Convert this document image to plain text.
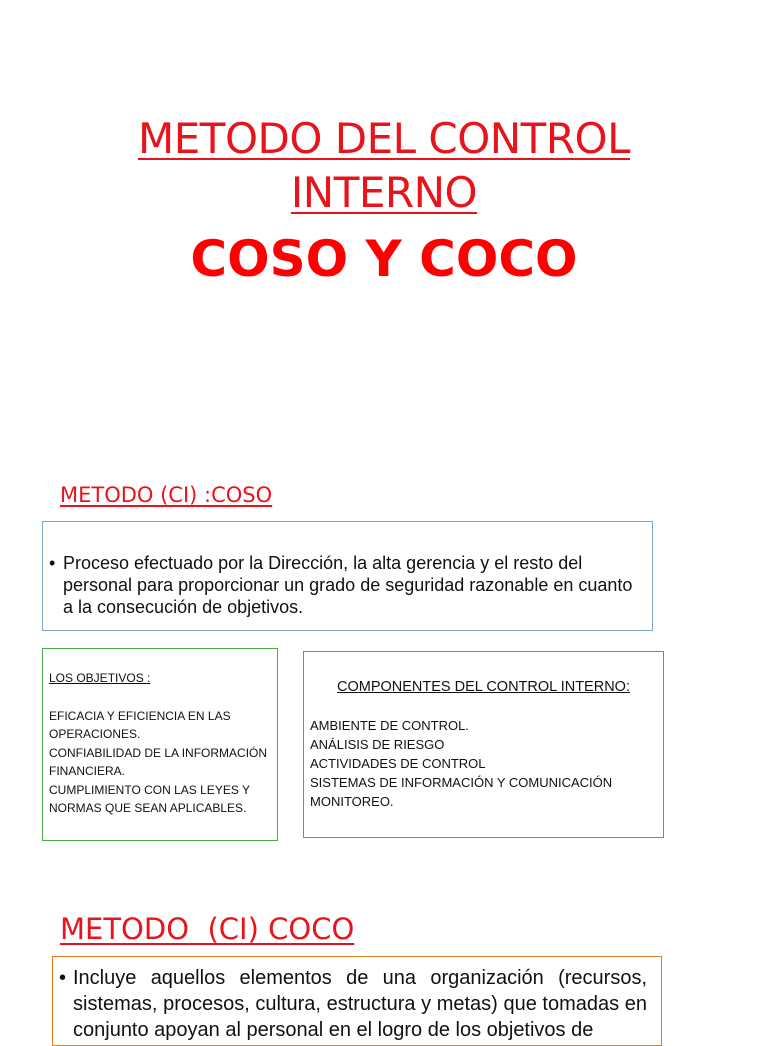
METODO DEL CONTROL
INTERNO
COSO Y COCO
METODO (CI) :COSO
• Proceso efectuado por la Dirección, la alta gerencia y el resto del personal para proporcionar un grado de seguridad razonable en cuanto a la consecución de objetivos.
LOS OBJETIVOS :
EFICACIA Y EFICIENCIA EN LAS OPERACIONES.
CONFIABILIDAD DE LA INFORMACIÓN FINANCIERA.
CUMPLIMIENTO CON LAS LEYES Y NORMAS QUE SEAN APLICABLES.
COMPONENTES DEL CONTROL INTERNO:
AMBIENTE DE CONTROL.
ANÁLISIS DE RIESGO
ACTIVIDADES DE CONTROL
SISTEMAS DE INFORMACIÓN Y COMUNICACIÓN
MONITOREO.
METODO  (CI) COCO
• Incluye aquellos elementos de una organización (recursos, sistemas, procesos, cultura, estructura y metas) que tomadas en conjunto apoyan al personal en el logro de los objetivos de
